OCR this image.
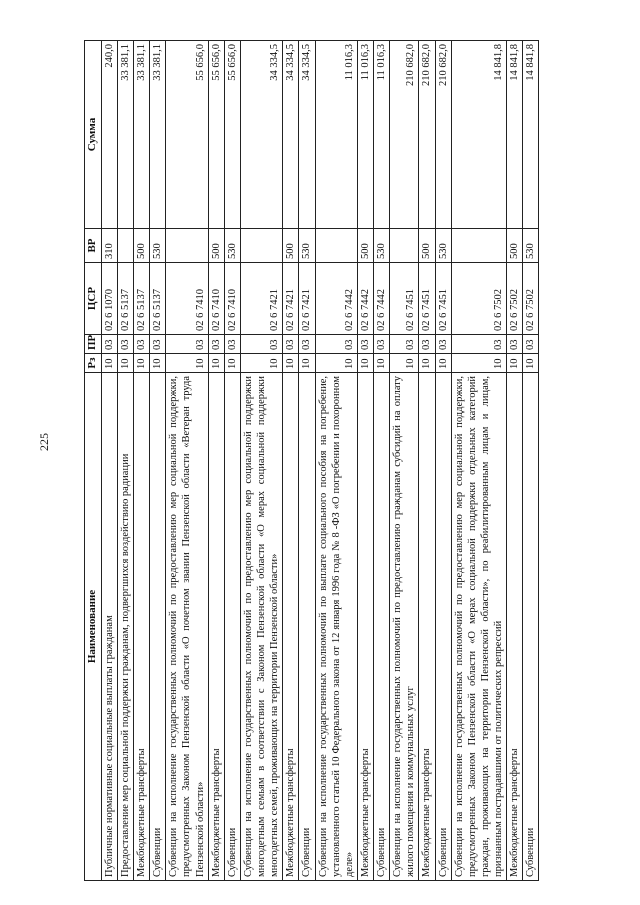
225
Наименование	Рз	ПР	ЦСР	ВР	Сумма
Публичные нормативные социальные выплаты гражданам	10	03	02 6 1070	310	240,0
Предоставление мер социальной поддержки гражданам, подвергшихся воздействию радиации	10	03	02 6 5137		33 381,1
Межбюджетные трансферты	10	03	02 6 5137	500	33 381,1
Субвенции	10	03	02 6 5137	530	33 381,1
Субвенции на исполнение государственных полномочий по предоставлению мер социальной поддержки, предусмотренных Законом Пензенской области «О почетном звании Пензенской области «Ветеран труда Пензенской области»	10	03	02 6 7410		55 656,0
Межбюджетные трансферты	10	03	02 6 7410	500	55 656,0
Субвенции	10	03	02 6 7410	530	55 656,0
Субвенции на исполнение государственных полномочий по предоставлению мер социальной поддержки многодетным семьям в соответствии с Законом Пензенской области «О мерах социальной поддержки многодетных семей, проживающих на территории Пензенской области»	10	03	02 6 7421		34 334,5
Межбюджетные трансферты	10	03	02 6 7421	500	34 334,5
Субвенции	10	03	02 6 7421	530	34 334,5
Субвенции на исполнение государственных полномочий по выплате социального пособия на погребение, установленного статьей 10 Федерального закона от 12 января 1996 года № 8 -ФЗ «О погребении и похоронном деле»	10	03	02 6 7442		11 016,3
Межбюджетные трансферты	10	03	02 6 7442	500	11 016,3
Субвенции	10	03	02 6 7442	530	11 016,3
Субвенции на исполнение государственных полномочий по предоставлению гражданам субсидий на оплату жилого помещения и коммунальных услуг	10	03	02 6 7451		210 682,0
Межбюджетные трансферты	10	03	02 6 7451	500	210 682,0
Субвенции	10	03	02 6 7451	530	210 682,0
Субвенции на исполнение государственных полномочий по предоставлению мер социальной поддержки, предусмотренных Законом Пензенской области «О мерах социальной поддержки отдельных категорий граждан, проживающих на территории Пензенской области», по реабилитированным лицам и лицам, признанным пострадавшими от политических репрессий	10	03	02 6 7502		14 841,8
Межбюджетные трансферты	10	03	02 6 7502	500	14 841,8
Субвенции	10	03	02 6 7502	530	14 841,8
